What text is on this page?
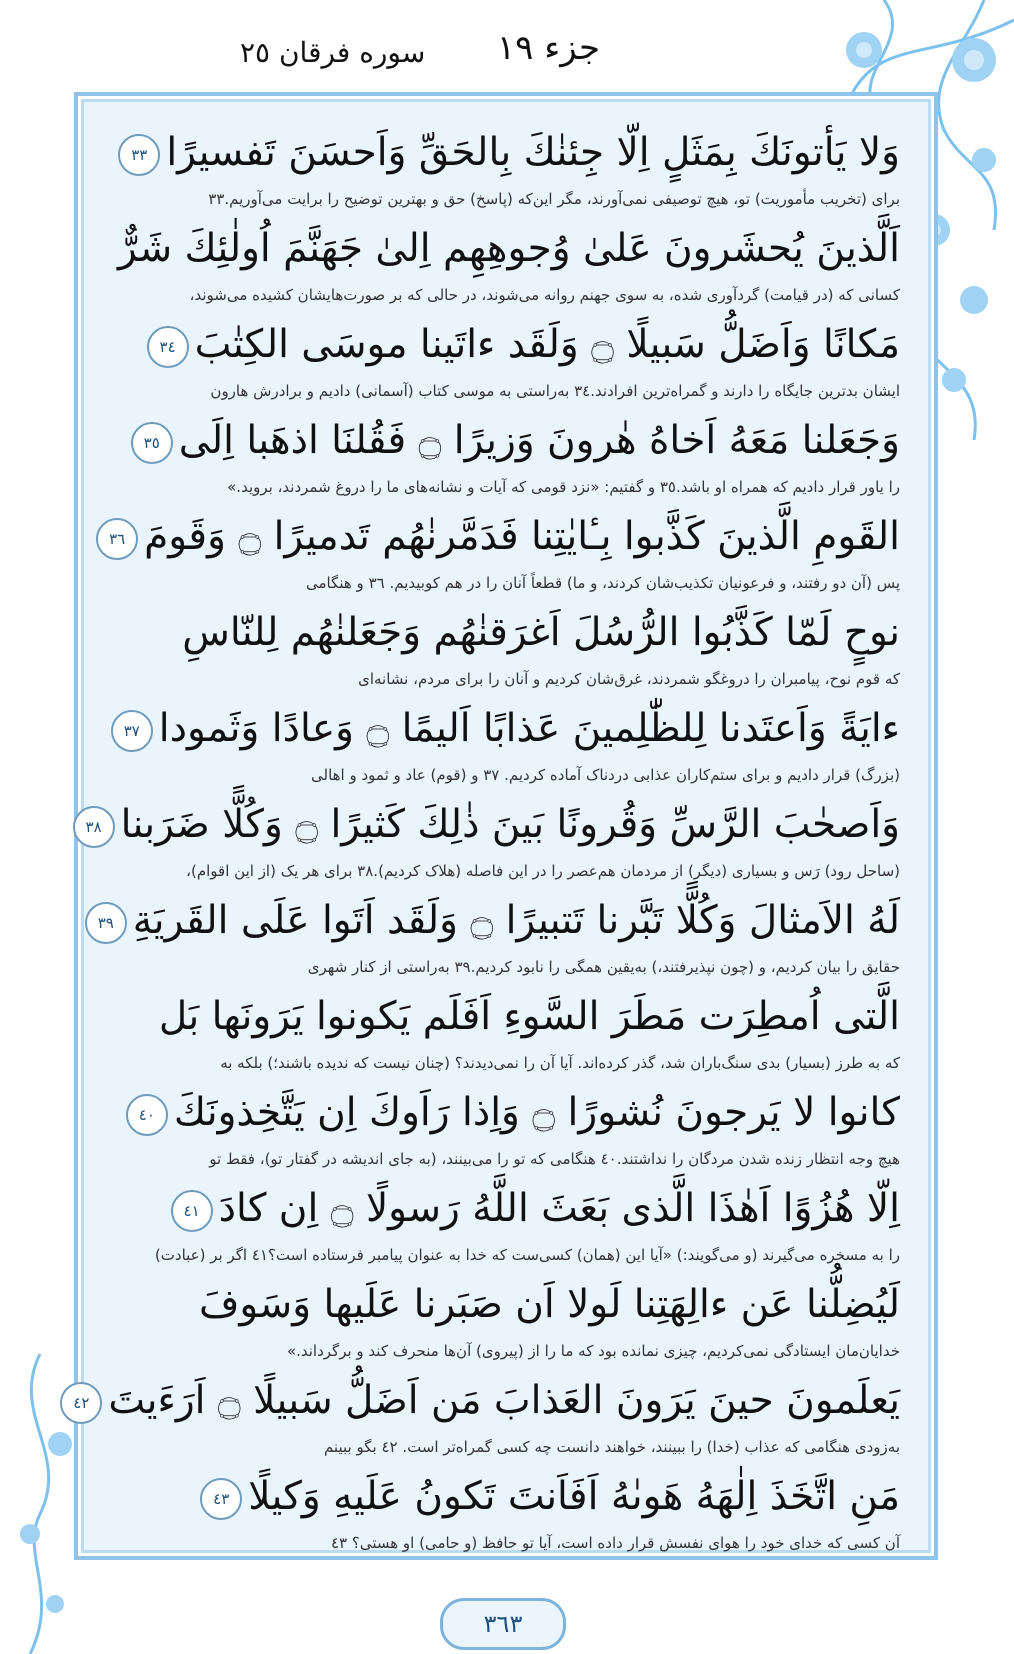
جزء ١٩
سوره فرقان ٢٥
وَلا يَأتونَكَ بِمَثَلٍ اِلّا جِئنٰكَ بِالحَقِّ وَاَحسَنَ تَفسيرًا٣٣
برای (تخریب مأموریت) تو، هیچ توصیفی نمی‌آورند، مگر این‌که (پاسخ) حق و بهترین توضیح را برایت می‌آوریم.٣٣
اَلَّذينَ يُحشَرونَ عَلىٰ وُجوهِهِم اِلىٰ جَهَنَّمَ اُولٰئِكَ شَرٌّ
کسانی که (در قیامت) گردآوری شده، به سوی جهنم روانه می‌شوند، در حالی که بر صورت‌هایشان کشیده می‌شوند،
مَكانًا وَاَضَلُّ سَبيلًا ۝ وَلَقَد ءاتَينا موسَى الكِتٰبَ٣٤
ایشان بدترین جایگاه را دارند و گمراه‌ترین افرادند.٣٤ به‌راستی به موسی کتاب (آسمانی) دادیم و برادرش هارون
وَجَعَلنا مَعَهُ اَخاهُ هٰرونَ وَزيرًا ۝ فَقُلنَا اذهَبا اِلَى٣٥
را یاور قرار دادیم که همراه او باشد.٣٥ و گفتیم: «نزد قومی که آیات و نشانه‌های ما را دروغ شمردند، بروید.»
القَومِ الَّذينَ كَذَّبوا بِـٔايٰتِنا فَدَمَّرنٰهُم تَدميرًا ۝ وَقَومَ٣٦
پس (آن دو رفتند، و فرعونیان تکذیب‌شان کردند، و ما) قطعاً آنان را در هم کوبیدیم. ٣٦ و هنگامی
نوحٍ لَمّا كَذَّبُوا الرُّسُلَ اَغرَقنٰهُم وَجَعَلنٰهُم لِلنّاسِ
که قوم نوح، پیامبران را دروغگو شمردند، غرق‌شان کردیم و آنان را برای مردم، نشانه‌ای
ءايَةً وَاَعتَدنا لِلظّٰلِمينَ عَذابًا اَليمًا ۝ وَعادًا وَثَمودا٣٧
(بزرگ) قرار دادیم و برای ستم‌کاران عذابی دردناک آماده کردیم. ٣٧ و (قوم) عاد و ثمود و اهالی
وَاَصحٰبَ الرَّسِّ وَقُرونًا بَينَ ذٰلِكَ كَثيرًا ۝ وَكُلًّا ضَرَبنا٣٨
(ساحل رود) رَس و بسیاری (دیگر) از مردمان هم‌عصر را در این فاصله (هلاک کردیم).٣٨ برای هر یک (از این اقوام)،
لَهُ الاَمثالَ وَكُلًّا تَبَّرنا تَتبيرًا ۝ وَلَقَد اَتَوا عَلَى القَريَةِ٣٩
حقایق را بیان کردیم، و (چون نپذیرفتند،) به‌یقین همگی را نابود کردیم.٣٩ به‌راستی از کنار شهری
الَّتى اُمطِرَت مَطَرَ السَّوءِ اَفَلَم يَكونوا يَرَونَها بَل
که به طرز (بسیار) بدی سنگ‌باران شد، گذر کرده‌اند. آیا آن را نمی‌دیدند؟ (چنان نیست که ندیده باشند؛) بلکه به
كانوا لا يَرجونَ نُشورًا ۝ وَاِذا رَاَوكَ اِن يَتَّخِذونَكَ٤٠
هیچ وجه انتظار زنده شدن مردگان را نداشتند.٤٠ هنگامی که تو را می‌بینند، (به جای اندیشه در گفتار تو)، فقط تو
اِلّا هُزُوًا اَهٰذَا الَّذى بَعَثَ اللَّهُ رَسولًا ۝ اِن كادَ٤١
را به مسخره می‌گیرند (و می‌گویند:) «آیا این (همان) کسی‌ست که خدا به عنوان پیامبر فرستاده است؟٤١ اگر بر (عبادت)
لَيُضِلُّنا عَن ءالِهَتِنا لَولا اَن صَبَرنا عَلَيها وَسَوفَ
خدایان‌مان ایستادگی نمی‌کردیم، چیزی نمانده بود که ما را از (پیروی) آن‌ها منحرف کند و برگرداند.»
يَعلَمونَ حينَ يَرَونَ العَذابَ مَن اَضَلُّ سَبيلًا ۝ اَرَءَيتَ٤٢
به‌زودی هنگامی که عذاب (خدا) را ببینند، خواهند دانست چه کسی گمراه‌تر است. ٤٢ بگو ببینم
مَنِ اتَّخَذَ اِلٰهَهُ هَوىٰهُ اَفَاَنتَ تَكونُ عَلَيهِ وَكيلًا٤٣
آن کسی که خدای خود را هوای نفسش قرار داده است، آیا تو حافظ (و حامی) او هستی؟ ٤٣
٣٦٣
